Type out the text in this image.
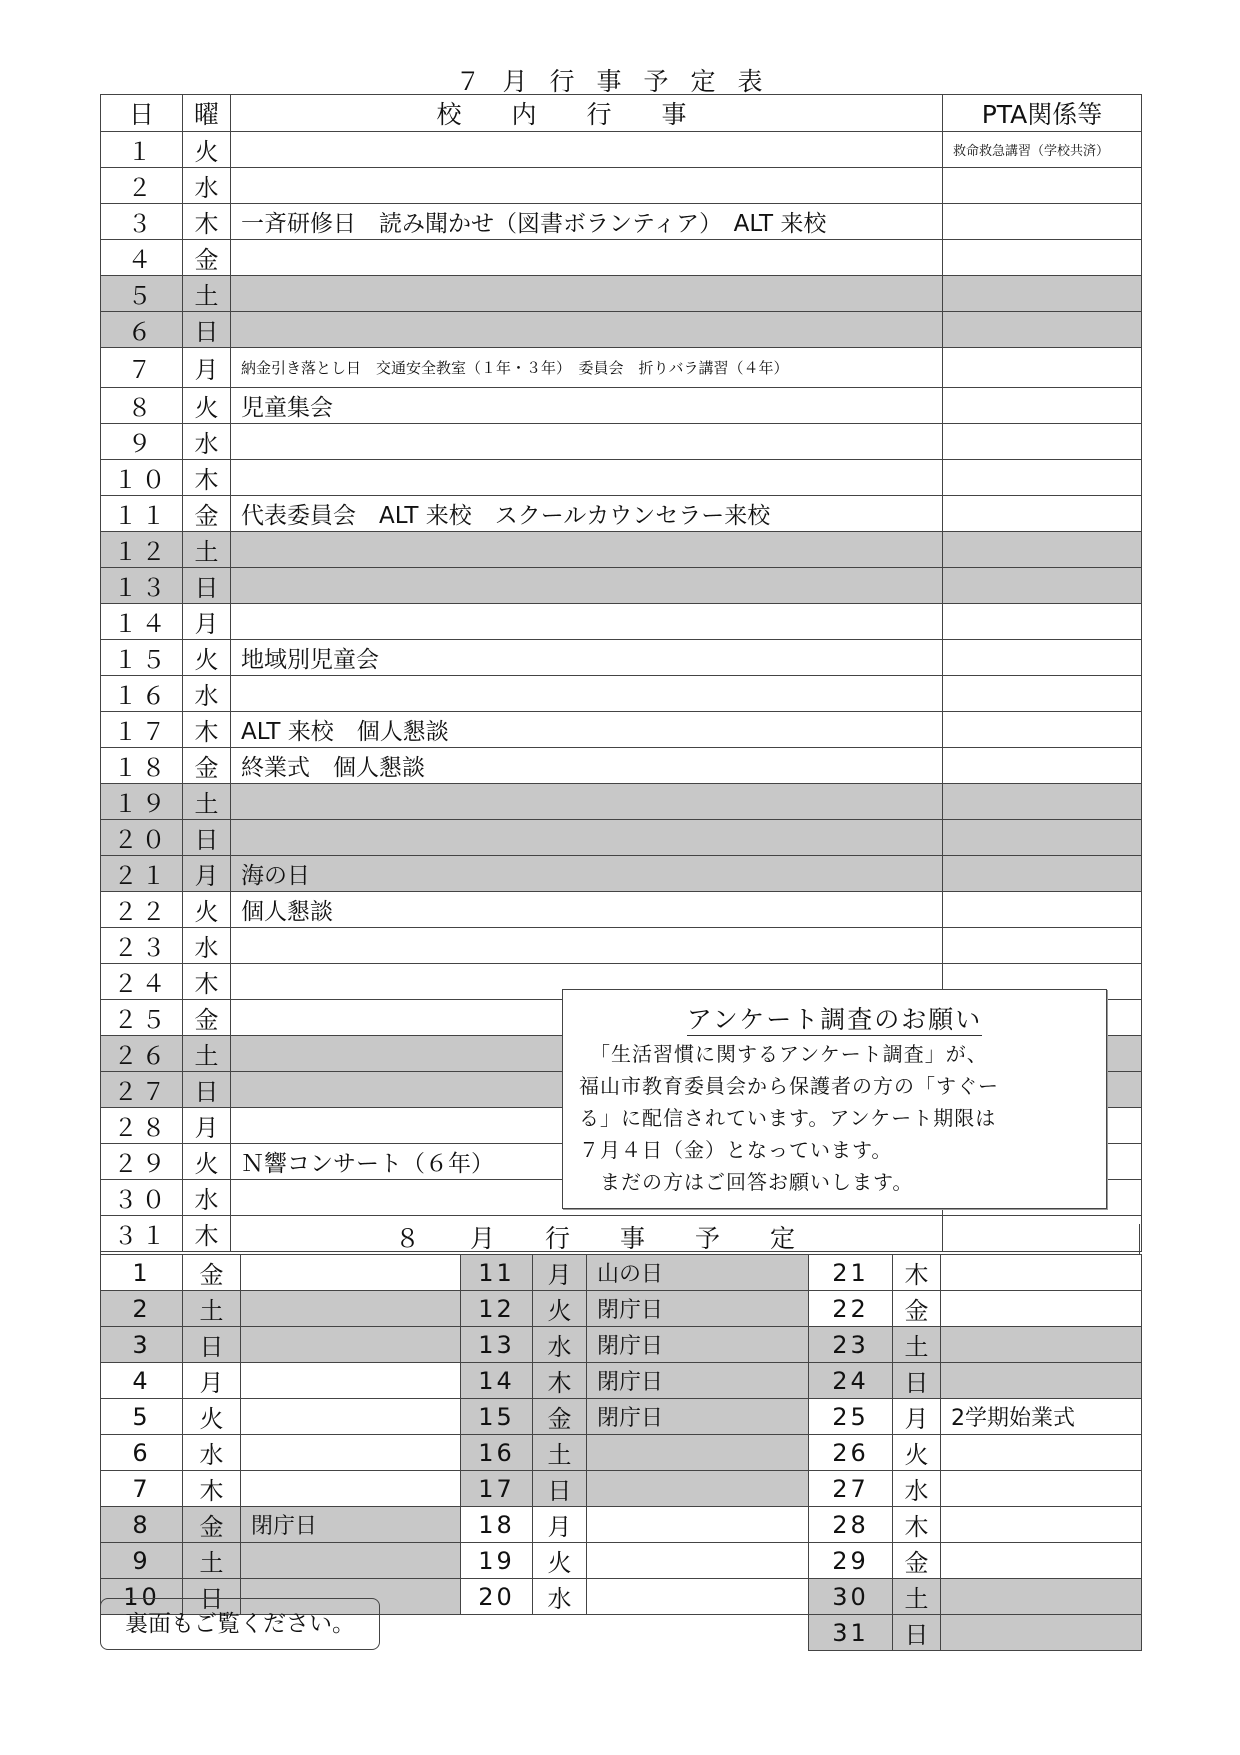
７月行事予定表
日	曜	校内行事	PTA関係等
１	火		救命救急講習（学校共済）
２	水		
３	木	一斉研修日　読み聞かせ（図書ボランティア）　ALT 来校	
４	金		
５	土		
６	日		
７	月	納金引き落とし日　交通安全教室（１年・３年）　委員会　折りバラ講習（４年）	
８	火	児童集会	
９	水		
１０	木		
１１	金	代表委員会　ALT 来校　スクールカウンセラー来校	
１２	土		
１３	日		
１４	月		
１５	火	地域別児童会	
１６	水		
１７	木	ALT 来校　個人懇談	
１８	金	終業式　個人懇談	
１９	土		
２０	日		
２１	月	海の日	
２２	火	個人懇談	
２３	水		
２４	木		
２５	金		
２６	土		
２７	日		
２８	月		
２９	火	Ｎ響コンサート（６年）	
３０	水		
３１	木			８月行事予定
1	金	
2	土	
3	日	
4	月	
5	火	
6	水	
7	木	
8	金	閉庁日
9	土	
10	日	
11	月	山の日
12	火	閉庁日
13	水	閉庁日
14	木	閉庁日
15	金	閉庁日
16	土	
17	日	
18	月	
19	火	
20	水	
21	木	
22	金	
23	土	
24	日	
25	月	2学期始業式
26	火	
27	水	
28	木	
29	金	
30	土	
31	日	
アンケート調査のお願い
　「生活習慣に関するアンケート調査」が、
福山市教育委員会から保護者の方の「すぐー
る」に配信されています。アンケート期限は
７月４日（金）となっています。
　まだの方はご回答お願いします。
裏面もご覧ください。
